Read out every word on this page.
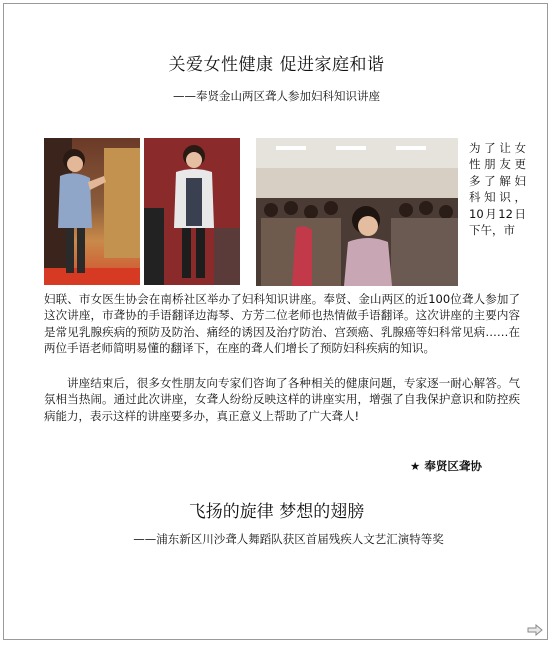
关爱女性健康 促进家庭和谐
——奉贤金山两区聋人参加妇科知识讲座
为了让女性朋友更多了解妇科知识，10月12日下午，市
妇联、市女医生协会在南桥社区举办了妇科知识讲座。奉贤、金山两区的近100位聋人参加了这次讲座，市聋协的手语翻译边海琴、方芳二位老师也热情做手语翻译。这次讲座的主要内容是常见乳腺疾病的预防及防治、痛经的诱因及治疗防治、宫颈癌、乳腺癌等妇科常见病……在两位手语老师简明易懂的翻译下，在座的聋人们增长了预防妇科疾病的知识。
讲座结束后，很多女性朋友向专家们咨询了各种相关的健康问题，专家逐一耐心解答。气氛相当热闹。通过此次讲座，女聋人纷纷反映这样的讲座实用，增强了自我保护意识和防控疾病能力，表示这样的讲座要多办，真正意义上帮助了广大聋人!
★ 奉贤区聋协
飞扬的旋律 梦想的翅膀
——浦东新区川沙聋人舞蹈队获区首届残疾人文艺汇演特等奖
